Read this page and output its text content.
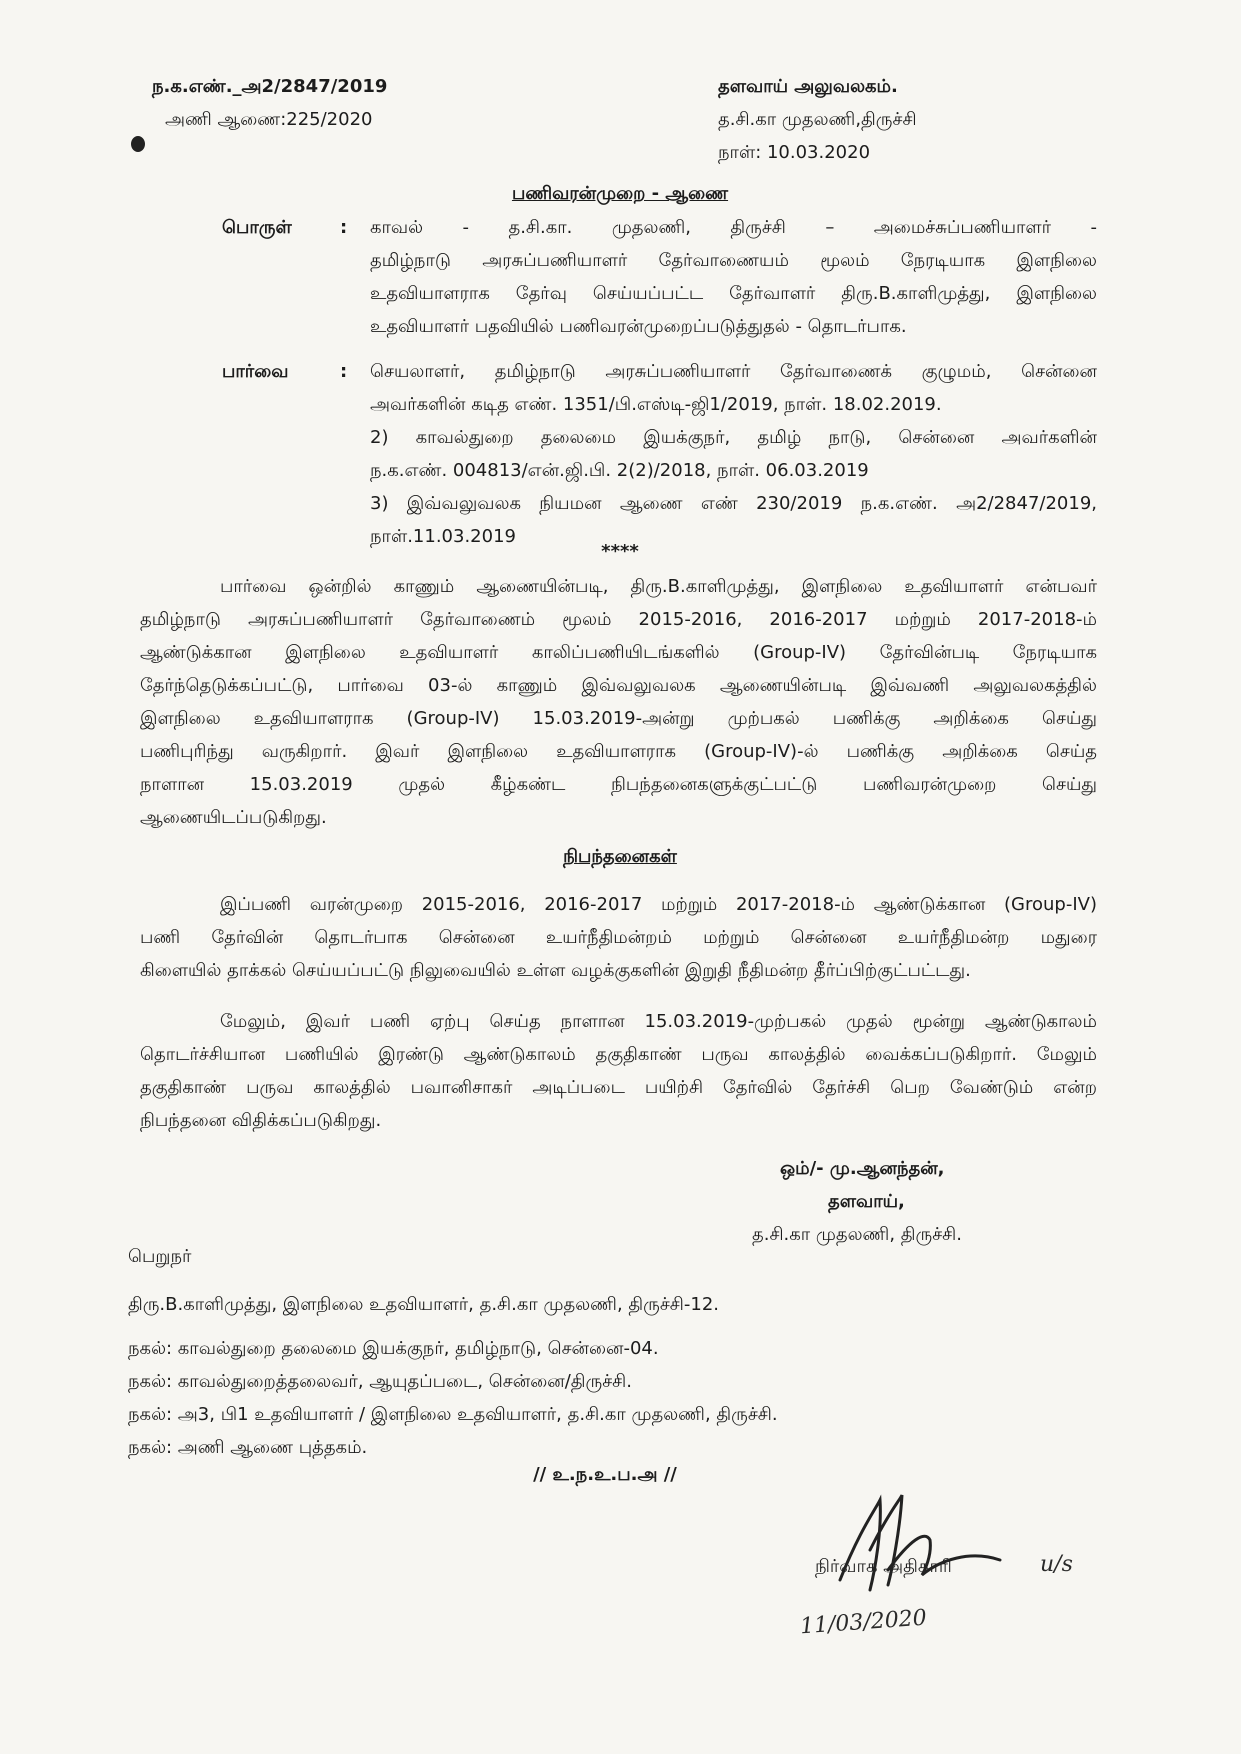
ந.க.எண்._அ2/2847/2019
அணி ஆணை:225/2020
தளவாய் அலுவலகம்.
த.சி.கா முதலணி,திருச்சி
நாள்: 10.03.2020
பணிவரன்முறை - ஆணை
பொருள்	: காவல் - த.சி.கா. முதலணி, திருச்சி – அமைச்சுப்பணியாளர் -
தமிழ்நாடு அரசுப்பணியாளர் தேர்வாணையம் மூலம் நேரடியாக இளநிலை
உதவியாளராக தேர்வு செய்யப்பட்ட தேர்வாளர் திரு.B.காளிமுத்து, இளநிலை
உதவியாளர் பதவியில் பணிவரன்முறைப்படுத்துதல் - தொடர்பாக.
பார்வை	: செயலாளர், தமிழ்நாடு அரசுப்பணியாளர் தேர்வாணைக் குழுமம், சென்னை
அவர்களின் கடித எண். 1351/பி.எஸ்டி-ஜி1/2019, நாள். 18.02.2019.
2) காவல்துறை தலைமை இயக்குநர், தமிழ் நாடு, சென்னை அவர்களின்
ந.க.எண். 004813/என்.ஜி.பி. 2(2)/2018, நாள். 06.03.2019
3) இவ்வலுவலக நியமன ஆணை எண் 230/2019 ந.க.எண். அ2/2847/2019,
நாள்.11.03.2019
****
பார்வை ஒன்றில் காணும் ஆணையின்படி, திரு.B.காளிமுத்து, இளநிலை உதவியாளர் என்பவர்
தமிழ்நாடு அரசுப்பணியாளர் தேர்வாணைம் மூலம் 2015-2016, 2016-2017 மற்றும் 2017-2018-ம்
ஆண்டுக்கான இளநிலை உதவியாளர் காலிப்பணியிடங்களில் (Group-IV) தேர்வின்படி நேரடியாக
தேர்ந்தெடுக்கப்பட்டு, பார்வை 03-ல் காணும் இவ்வலுவலக ஆணையின்படி இவ்வணி அலுவலகத்தில்
இளநிலை உதவியாளராக (Group-IV) 15.03.2019-அன்று முற்பகல் பணிக்கு அறிக்கை செய்து
பணிபுரிந்து வருகிறார். இவர் இளநிலை உதவியாளராக (Group-IV)-ல் பணிக்கு அறிக்கை செய்த
நாளான 15.03.2019 முதல் கீழ்கண்ட நிபந்தனைகளுக்குட்பட்டு பணிவரன்முறை செய்து
ஆணையிடப்படுகிறது.
நிபந்தனைகள்
இப்பணி வரன்முறை 2015-2016, 2016-2017 மற்றும் 2017-2018-ம் ஆண்டுக்கான (Group-IV)
பணி தேர்வின் தொடர்பாக சென்னை உயர்நீதிமன்றம் மற்றும் சென்னை உயர்நீதிமன்ற மதுரை
கிளையில் தாக்கல் செய்யப்பட்டு நிலுவையில் உள்ள வழக்குகளின் இறுதி நீதிமன்ற தீர்ப்பிற்குட்பட்டது.
மேலும், இவர் பணி ஏற்பு செய்த நாளான 15.03.2019-முற்பகல் முதல் மூன்று ஆண்டுகாலம்
தொடர்ச்சியான பணியில் இரண்டு ஆண்டுகாலம் தகுதிகாண் பருவ காலத்தில் வைக்கப்படுகிறார். மேலும்
தகுதிகாண் பருவ காலத்தில் பவானிசாகர் அடிப்படை பயிற்சி தேர்வில் தேர்ச்சி பெற வேண்டும் என்ற
நிபந்தனை விதிக்கப்படுகிறது.
ஒம்/- மு.ஆனந்தன்,
தளவாய்,
த.சி.கா முதலணி, திருச்சி.
பெறுநர்
திரு.B.காளிமுத்து, இளநிலை உதவியாளர், த.சி.கா முதலணி, திருச்சி-12.
நகல்: காவல்துறை தலைமை இயக்குநர், தமிழ்நாடு, சென்னை-04.
நகல்: காவல்துறைத்தலைவர், ஆயுதப்படை, சென்னை/திருச்சி.
நகல்: அ3, பி1 உதவியாளர் / இளநிலை உதவியாளர், த.சி.கா முதலணி, திருச்சி.
நகல்: அணி ஆணை புத்தகம்.
// உ.ந.உ.ப.அ //
நிர்வாக அதிகாரி	u/s
11/03/2020
